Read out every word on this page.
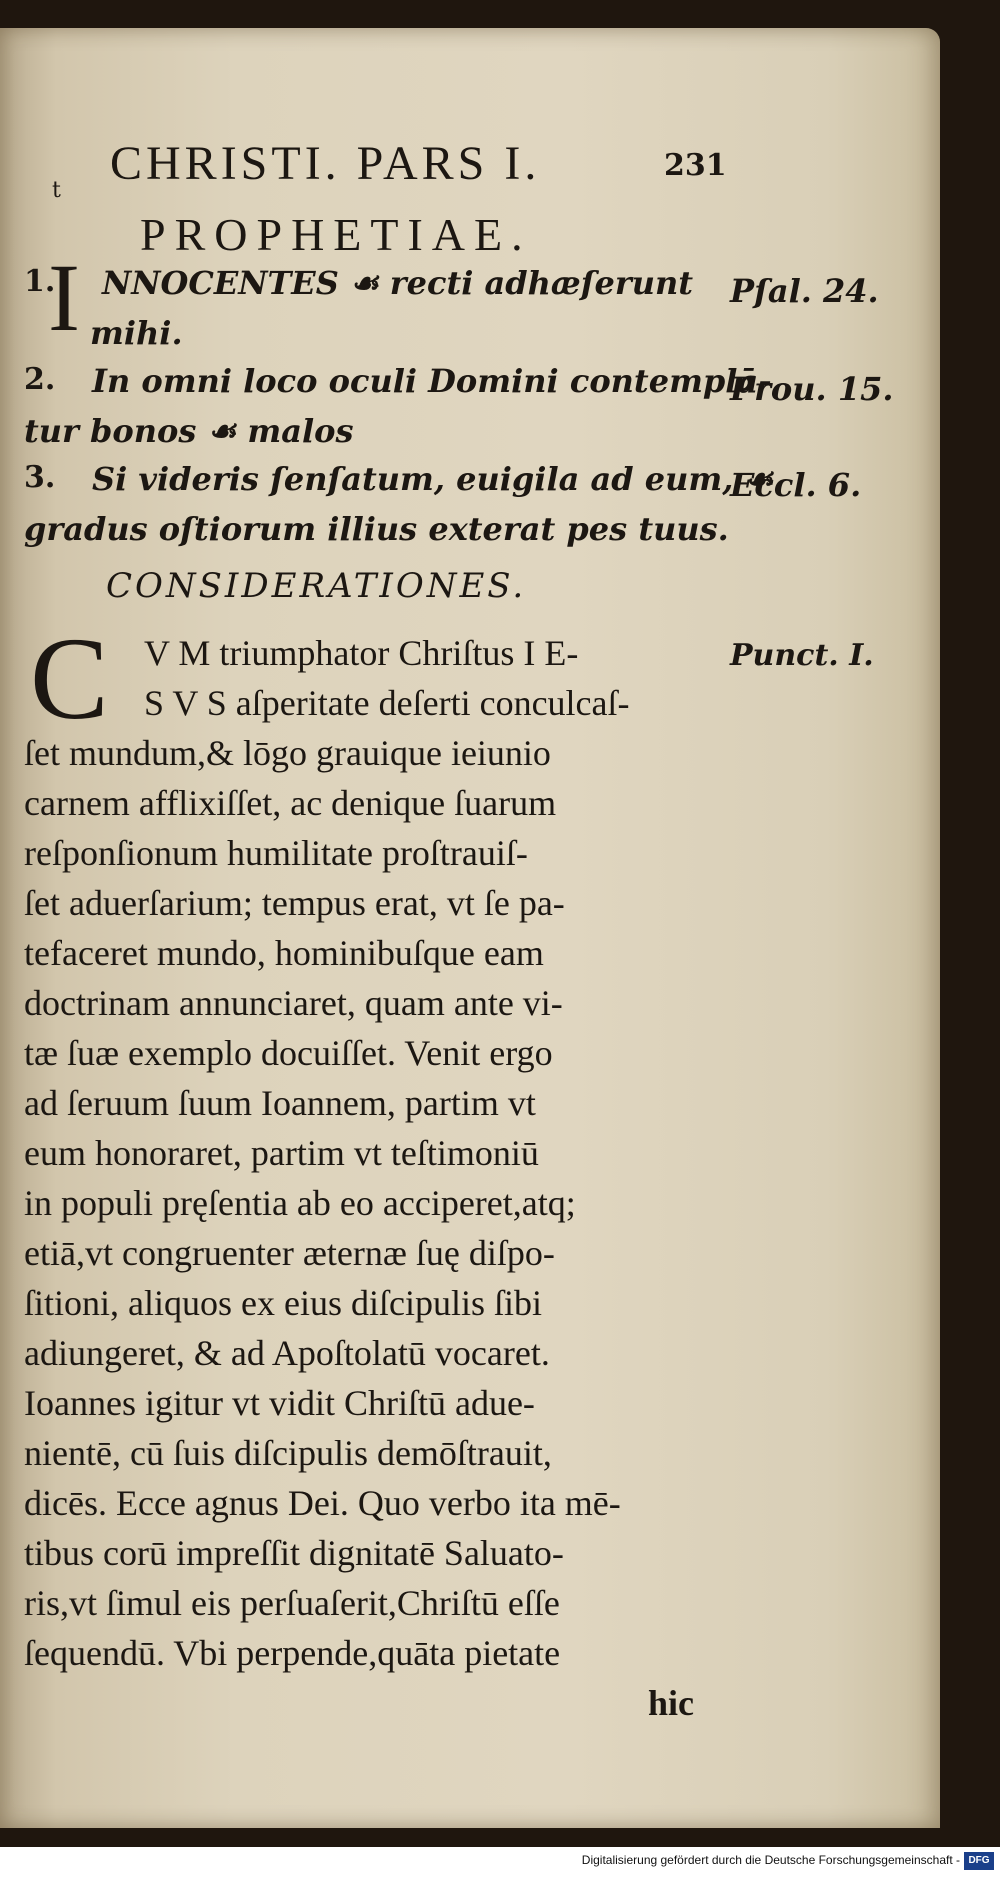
CHRISTI. PARS I.	231
t
PROPHETIAE.
1.
I NNOCENTES ☙ recti adhæſerunt
mihi.
Pſal. 24.
2. In omni loco oculi Domini contemplā-
tur bonos ☙ malos
Prou. 15.
3. Si videris ſenſatum, euigila ad eum, ☙
gradus oſtiorum illius exterat pes tuus.
Eccl. 6.
CONSIDERATIONES.
Punct. I.
C V M triumphator Chriſtus I E-
S V S aſperitate deſerti conculcaſ-
ſet mundum,& lōgo grauique ieiunio
carnem afflixiſſet, ac denique ſuarum
reſponſionum humilitate proſtrauiſ-
ſet aduerſarium; tempus erat, vt ſe pa-
tefaceret mundo, hominibuſque eam
doctrinam annunciaret, quam ante vi-
tæ ſuæ exemplo docuiſſet. Venit ergo
ad ſeruum ſuum Ioannem, partim vt
eum honoraret, partim vt teſtimoniū
in populi pręſentia ab eo acciperet,atq;
etiā,vt congruenter æternæ ſuę diſpo-
ſitioni, aliquos ex eius diſcipulis ſibi
adiungeret, & ad Apoſtolatū vocaret.
Ioannes igitur vt vidit Chriſtū adue-
nientē, cū ſuis diſcipulis demōſtrauit,
dicēs. Ecce agnus Dei. Quo verbo ita mē-
tibus corū impreſſit dignitatē Saluato-
ris,vt ſimul eis perſuaſerit,Chriſtū eſſe
ſequendū. Vbi perpende,quāta pietate
hic
Digitalisierung gefördert durch die Deutsche Forschungsgemeinschaft - DFG
